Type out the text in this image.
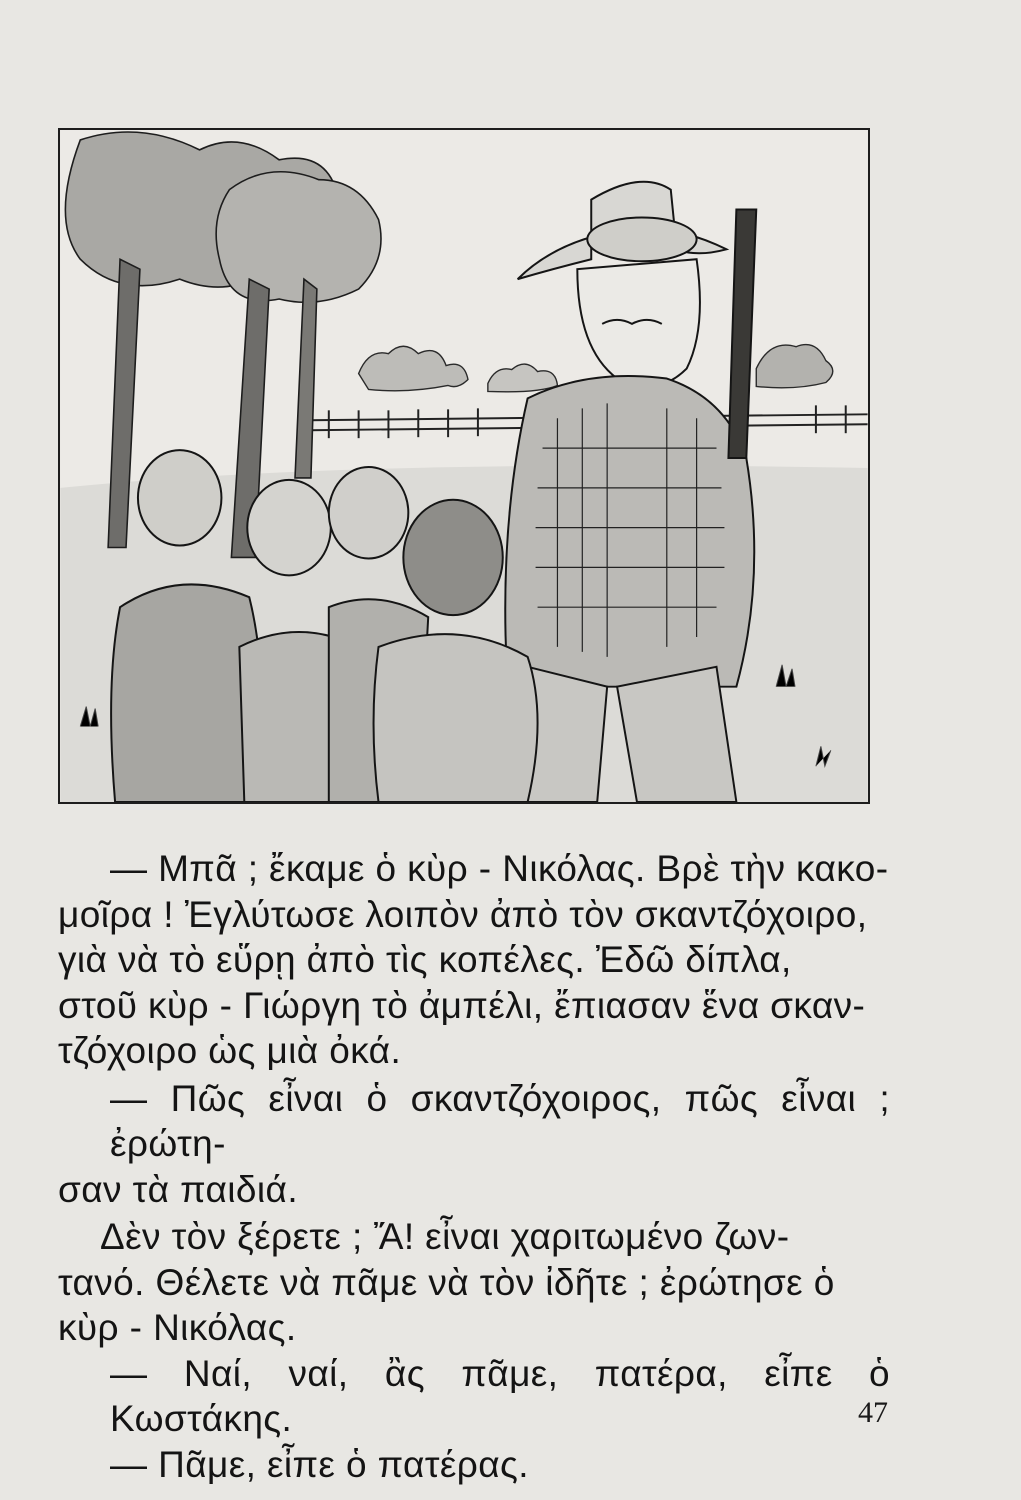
— Μπᾶ ; ἔκαμε ὁ κὺρ - Νικόλας. Βρὲ τὴν κακο-
μοῖρα ! Ἐγλύτωσε λοιπὸν ἀπὸ τὸν σκαντζόχοιρο,
γιὰ νὰ τὸ εὕρῃ ἀπὸ τὶς κοπέλες. Ἐδῶ δίπλα,
στοῦ κὺρ - Γιώργη τὸ ἀμπέλι, ἔπιασαν ἕνα σκαν-
τζόχοιρο ὡς μιὰ ὀκά.
— Πῶς εἶναι ὁ σκαντζόχοιρος, πῶς εἶναι ; ἐρώτη-
σαν τὰ παιδιά.
Δὲν τὸν ξέρετε ; Ἄ! εἶναι χαριτωμένο ζων-
τανό. Θέλετε νὰ πᾶμε νὰ τὸν ἰδῆτε ; ἐρώτησε ὁ
κὺρ - Νικόλας.
— Ναί, ναί, ἂς πᾶμε, πατέρα, εἶπε ὁ Κωστάκης.
— Πᾶμε, εἶπε ὁ πατέρας.
47
